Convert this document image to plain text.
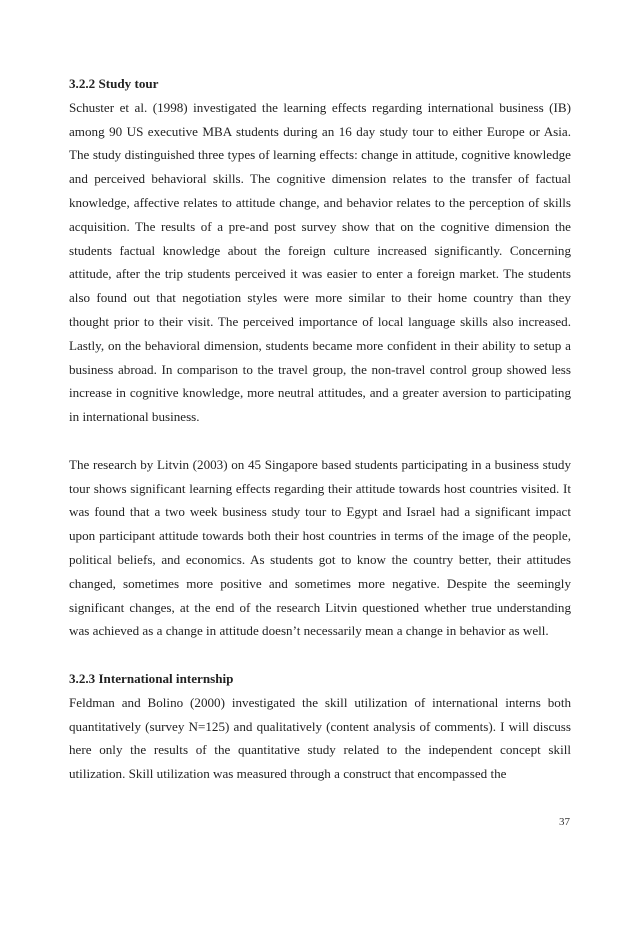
3.2.2 Study tour

Schuster et al. (1998) investigated the learning effects regarding international business (IB) among 90 US executive MBA students during an 16 day study tour to either Europe or Asia. The study distinguished three types of learning effects: change in attitude, cognitive knowledge and perceived behavioral skills. The cognitive dimension relates to the transfer of factual knowledge, affective relates to attitude change, and behavior relates to the perception of skills acquisition. The results of a pre-and post survey show that on the cognitive dimension the students factual knowledge about the foreign culture increased significantly. Concerning attitude, after the trip students perceived it was easier to enter a foreign market. The students also found out that negotiation styles were more similar to their home country than they thought prior to their visit. The perceived importance of local language skills also increased. Lastly, on the behavioral dimension, students became more confident in their ability to setup a business abroad. In comparison to the travel group, the non-travel control group showed less increase in cognitive knowledge, more neutral attitudes, and a greater aversion to participating in international business.

The research by Litvin (2003) on 45 Singapore based students participating in a business study tour shows significant learning effects regarding their attitude towards host countries visited. It was found that a two week business study tour to Egypt and Israel had a significant impact upon participant attitude towards both their host countries in terms of the image of the people, political beliefs, and economics. As students got to know the country better, their attitudes changed, sometimes more positive and sometimes more negative. Despite the seemingly significant changes, at the end of the research Litvin questioned whether true understanding was achieved as a change in attitude doesn’t necessarily mean a change in behavior as well.

3.2.3 International internship

Feldman and Bolino (2000) investigated the skill utilization of international interns both quantitatively (survey N=125) and qualitatively (content analysis of comments). I will discuss here only the results of the quantitative study related to the independent concept skill utilization. Skill utilization was measured through a construct that encompassed the

37
